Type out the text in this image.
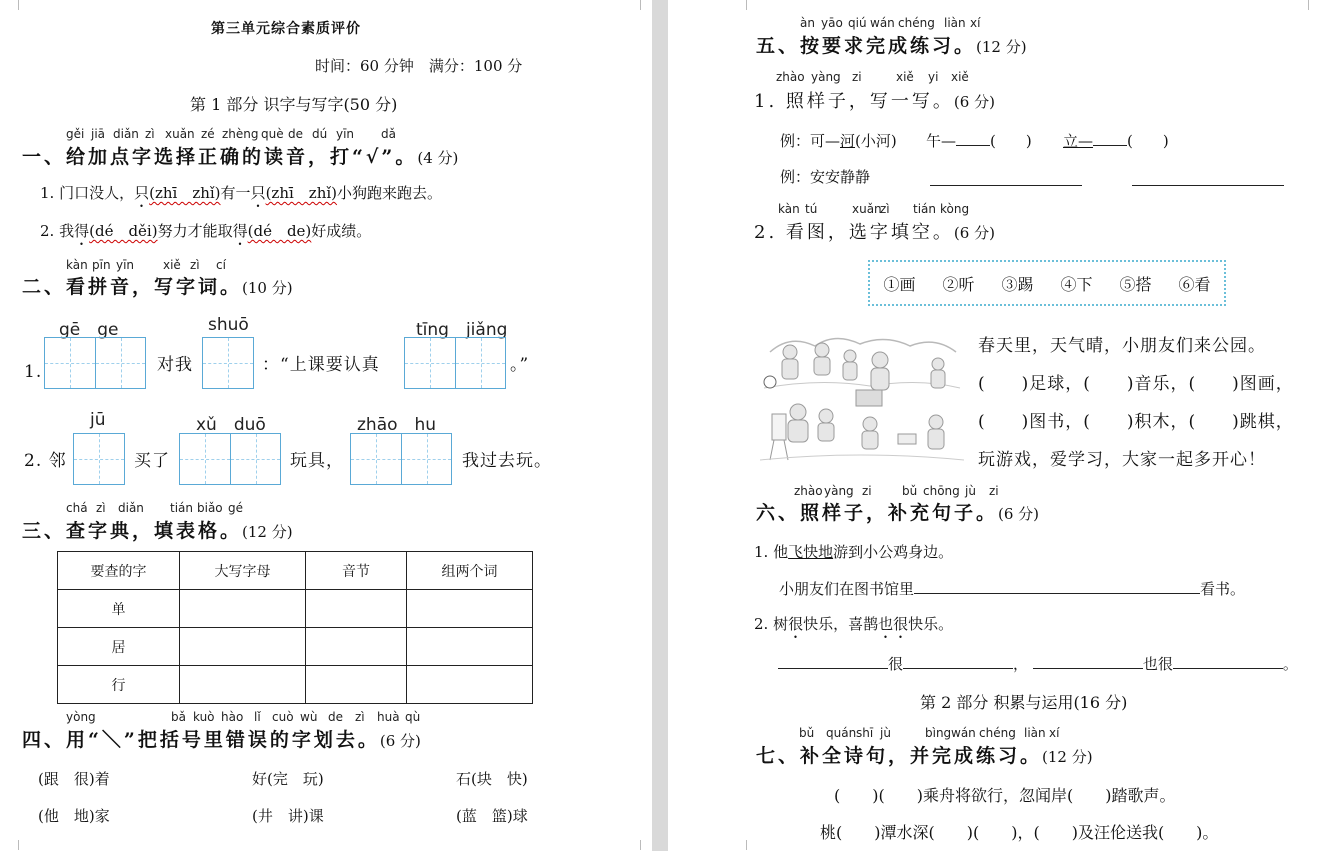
第三单元综合素质评价
时间：60 分钟　满分：100 分
第 1 部分 识字与写字(50 分)
gěi jiā diǎn zì xuǎn zé zhèng què de dú yīn dǎ
一、给加点字选择正确的读音，打“√”。(4 分)
1. 门口没人，只(zhī　zhǐ)有一只(zhī　zhǐ)小狗跑来跑去。
2. 我得(dé　děi)努力才能取得(dé　de)好成绩。
kàn pīn yīn xiě zì cí
二、看拼音，写字词。(10 分)
gē　ge	shuō	tīng　jiǎng
1.	对我	：“上课要认真	。”
jū	xǔ　duō	zhāo　hu
2. 邻	买了	玩具，	我过去玩。
chá zì diǎn tián biǎo gé
三、查字典，填表格。(12 分)
要查的字	大写字母	音节	组两个词
单			
居			
行			
yòng	bǎ kuò hào lǐ cuò wù de zì huà qù
四、用“＼”把括号里错误的字划去。(6 分)
(跟　很)着	好(完　玩)	石(块　快)
(他　地)家	(井　讲)课	(蓝　篮)球
àn yāo qiú wán chéng liàn xí
五、按要求完成练习。(12 分)
zhào yàng zi	xiě yi xiě
1. 照样子，写一写。(6 分)
例：可—河(小河) 午— (　　) 立— (　　)
例：安安静静
kàn tú	xuǎn
zì tián kòng
2. 看图，选字填空。(6 分)
①画 ②听 ③踢 ④下 ⑤搭 ⑥看
春天里，天气晴，小朋友们来公园。
(　　)足球，(　　)音乐，(　　)图画，
(　　)图书，(　　)积木，(　　)跳棋，
玩游戏，爱学习，大家一起多开心！
zhào yàng zi	bǔ chōng jù zi
六、照样子，补充句子。(6 分)
1. 他飞快地游到小公鸡身边。
小朋友们在图书馆里	看书。
2. 树很快乐，喜鹊也很快乐。
很	，	也很	。
第 2 部分 积累与运用(16 分)
bǔ quán shī jù	bìng wán chéng liàn xí
七、补全诗句，并完成练习。(12 分)
(　　)(　　)乘舟将欲行，忽闻岸(　　)踏歌声。
桃(　　)潭水深(　　)(　　)，(　　)及汪伦送我(　　)。
